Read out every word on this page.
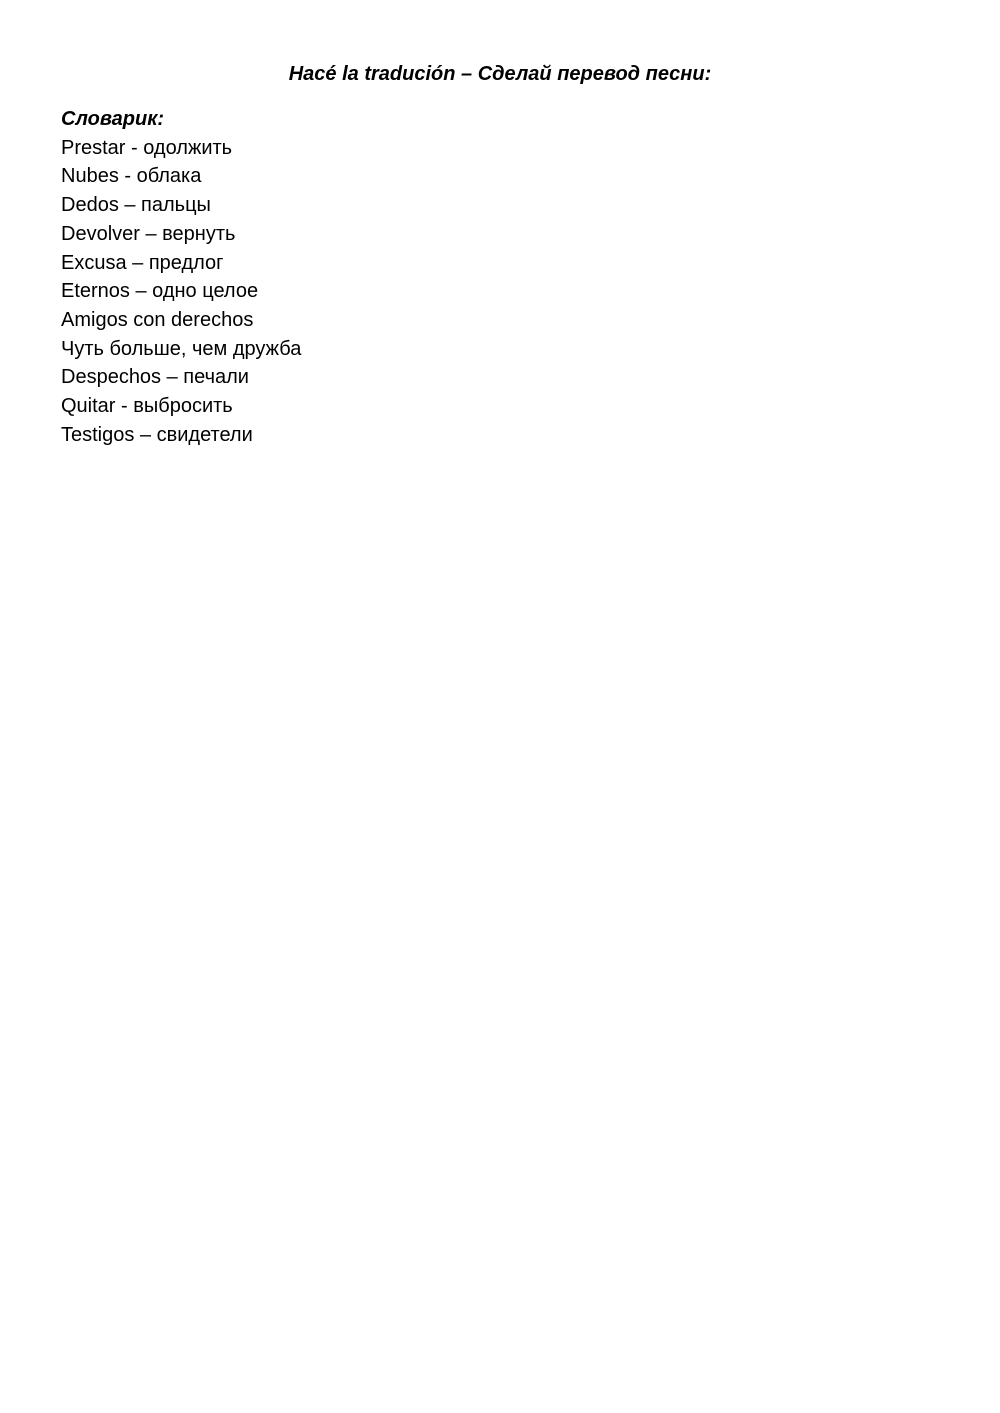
Hacé la tradución – Сделай перевод песни:

Словарик:

Prestar - одолжить
Nubes - облака
Dedos – пальцы
Devolver – вернуть
Excusa – предлог
Eternos – одно целое
Amigos con derechos
Чуть больше, чем дружба
Despechos – печали
Quitar - выбросить
Testigos – свидетели
